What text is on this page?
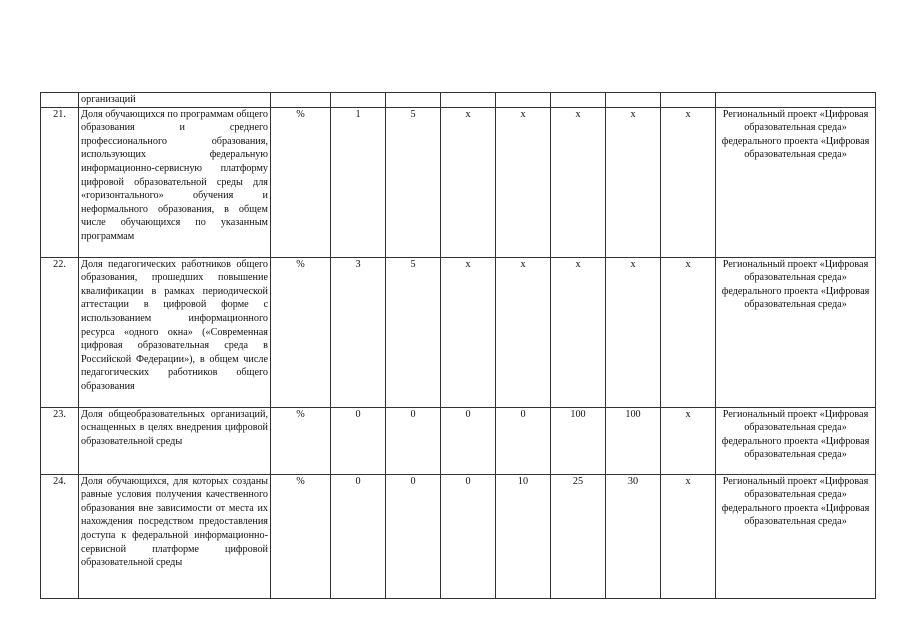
	организаций									
21.	Доля обучающихся по программам общего образования и среднего профессионального образования, использующих федеральную информационно-сервисную платформу цифровой образовательной среды для «горизонтального» обучения и неформального образования, в общем числе обучающихся по указанным программам	%	1	5	x	x	x	x	x	Региональный проект «Цифровая образовательная среда» федерального проекта «Цифровая образовательная среда»
22.	Доля педагогических работников общего образования, прошедших повышение квалификации в рамках периодической аттестации в цифровой форме с использованием информационного ресурса «одного окна» («Современная цифровая образовательная среда в Российской Федерации»), в общем числе педагогических работников общего образования	%	3	5	x	x	x	x	x	Региональный проект «Цифровая образовательная среда» федерального проекта «Цифровая образовательная среда»
23.	Доля общеобразовательных организаций, оснащенных в целях внедрения цифровой образовательной среды	%	0	0	0	0	100	100	x	Региональный проект «Цифровая образовательная среда» федерального проекта «Цифровая образовательная среда»
24.	Доля обучающихся, для которых созданы равные условия получения качественного образования вне зависимости от места их нахождения посредством предоставления доступа к федеральной информационно-сервисной платформе цифровой образовательной среды	%	0	0	0	10	25	30	x	Региональный проект «Цифровая образовательная среда» федерального проекта «Цифровая образовательная среда»
